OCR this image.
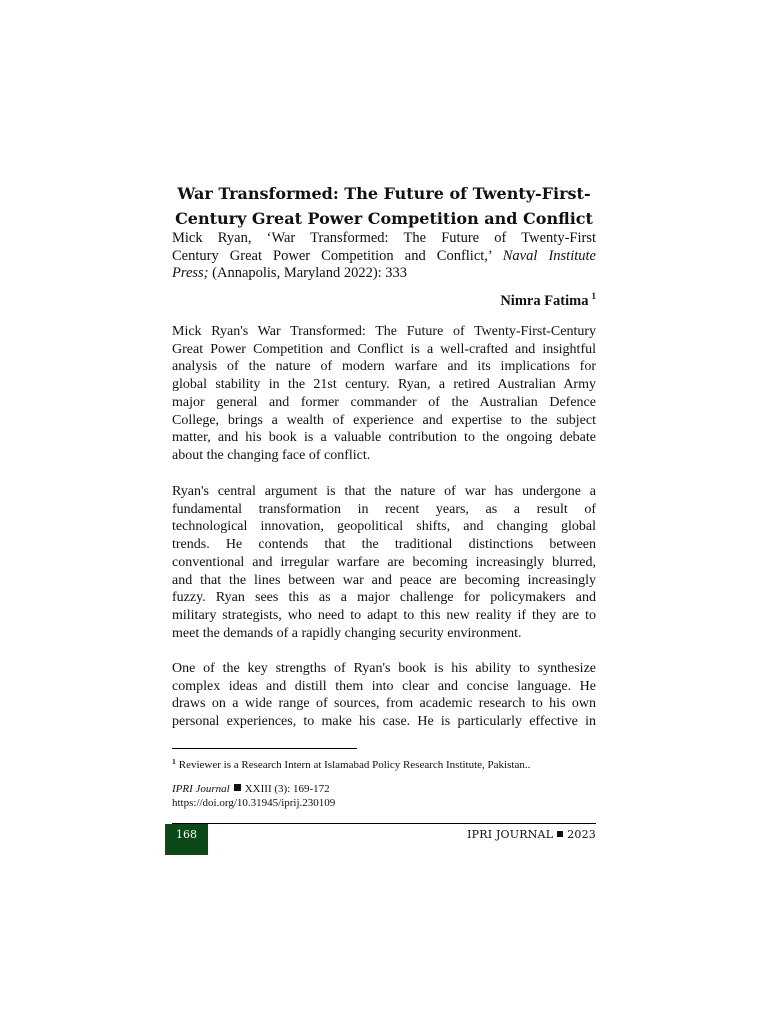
War Transformed: The Future of Twenty-First-
Century Great Power Competition and Conflict

Mick Ryan, ‘War Transformed: The Future of Twenty-First
Century Great Power Competition and Conflict,’ Naval Institute
Press; (Annapolis, Maryland 2022): 333

Nimra Fatima $^1$

Mick Ryan's War Transformed: The Future of Twenty-First-Century
Great Power Competition and Conflict is a well-crafted and insightful
analysis of the nature of modern warfare and its implications for
global stability in the 21st century. Ryan, a retired Australian Army
major general and former commander of the Australian Defence
College, brings a wealth of experience and expertise to the subject
matter, and his book is a valuable contribution to the ongoing debate
about the changing face of conflict.

Ryan's central argument is that the nature of war has undergone a
fundamental transformation in recent years, as a result of
technological innovation, geopolitical shifts, and changing global
trends. He contends that the traditional distinctions between
conventional and irregular warfare are becoming increasingly blurred,
and that the lines between war and peace are becoming increasingly
fuzzy. Ryan sees this as a major challenge for policymakers and
military strategists, who need to adapt to this new reality if they are to
meet the demands of a rapidly changing security environment.

One of the key strengths of Ryan's book is his ability to synthesize
complex ideas and distill them into clear and concise language. He
draws on a wide range of sources, from academic research to his own
personal experiences, to make his case. He is particularly effective in

$^1$ Reviewer is a Research Intern at Islamabad Policy Research Institute, Pakistan..

IPRI Journal XXIII (3): 169-172
https://doi.org/10.31945/iprij.230109

168	IPRI JOURNAL 2023
